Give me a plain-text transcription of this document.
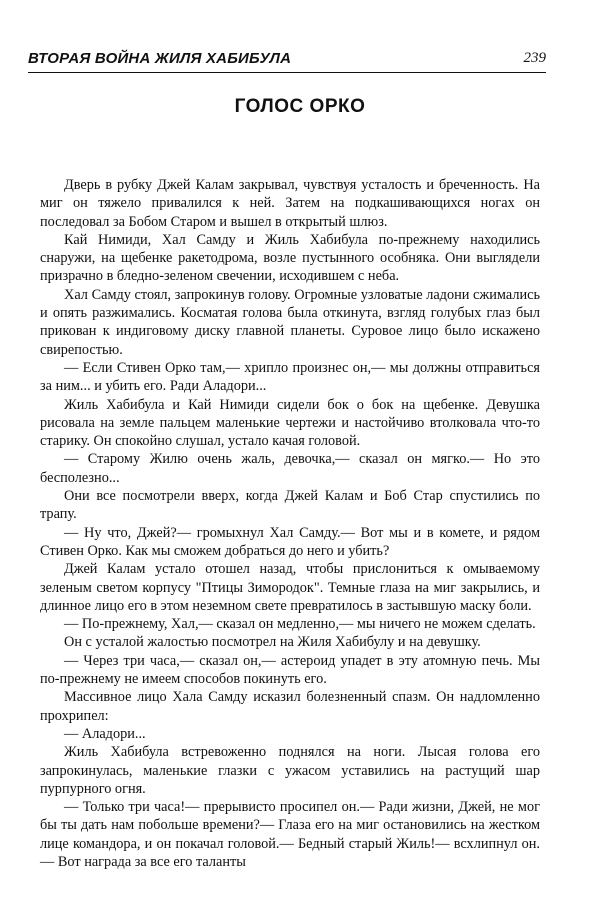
ВТОРАЯ ВОЙНА ЖИЛЯ ХАБИБУЛА	239
ГОЛОС ОРКО

Дверь в рубку Джей Калам закрывал, чувствуя усталость и бреченность. На миг он тяжело привалился к ней. Затем на подкашивающихся ногах он последовал за Бобом Старом и вышел в открытый шлюз.

Кай Нимиди, Хал Самду и Жиль Хабибула по-прежнему находились снаружи, на щебенке ракетодрома, возле пустынного особняка. Они выглядели призрачно в бледно-зеленом свечении, исходившем с неба.

Хал Самду стоял, запрокинув голову. Огромные узловатые ладони сжимались и опять разжимались. Косматая голова была откинута, взгляд голубых глаз был прикован к индиговому диску главной планеты. Суровое лицо было искажено свирепостью.

— Если Стивен Орко там,— хрипло произнес он,— мы должны отправиться за ним... и убить его. Ради Аладори...

Жиль Хабибула и Кай Нимиди сидели бок о бок на щебенке. Девушка рисовала на земле пальцем маленькие чертежи и настойчиво втолковала что-то старику. Он спокойно слушал, устало качая головой.

— Старому Жилю очень жаль, девочка,— сказал он мягко.— Но это бесполезно...

Они все посмотрели вверх, когда Джей Калам и Боб Стар спустились по трапу.

— Ну что, Джей?— громыхнул Хал Самду.— Вот мы и в комете, и рядом Стивен Орко. Как мы сможем добраться до него и убить?

Джей Калам устало отошел назад, чтобы прислониться к омываемому зеленым светом корпусу "Птицы Зимородок". Темные глаза на миг закрылись, и длинное лицо его в этом неземном свете превратилось в застывшую маску боли.

— По-прежнему, Хал,— сказал он медленно,— мы ничего не можем сделать.

Он с усталой жалостью посмотрел на Жиля Хабибулу и на девушку.

— Через три часа,— сказал он,— астероид упадет в эту атомную печь. Мы по-прежнему не имеем способов покинуть его.

Массивное лицо Хала Самду исказил болезненный спазм. Он надломленно прохрипел:

— Аладори...

Жиль Хабибула встревоженно поднялся на ноги. Лысая голова его запрокинулась, маленькие глазки с ужасом уставились на растущий шар пурпурного огня.

— Только три часа!— прерывисто просипел он.— Ради жизни, Джей, не мог бы ты дать нам побольше времени?— Глаза его на миг остановились на жестком лице командора, и он покачал головой.— Бедный старый Жиль!— всхлипнул он.— Вот награда за все его таланты
